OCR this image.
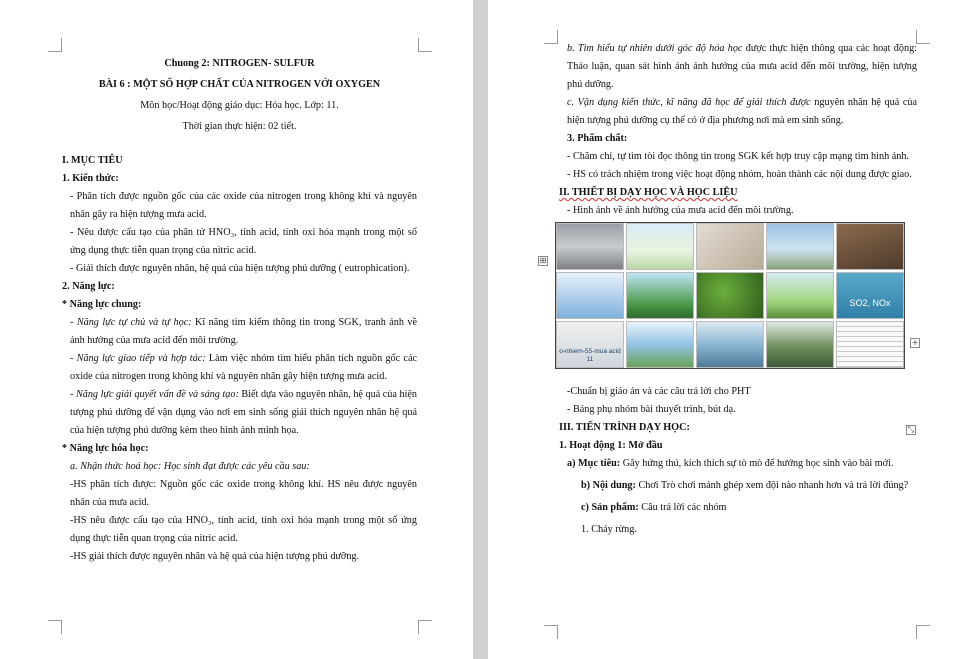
Chuong 2: NITROGEN- SULFUR
BÀI 6 : MỘT SỐ HỢP CHẤT CỦA NITROGEN VỚI OXYGEN
Môn học/Hoạt động giáo dục: Hóa học. Lớp: 11.
Thời gian thực hiện: 02 tiết.
I. MỤC TIÊU
1. Kiến thức:
- Phân tích được nguồn gốc của các oxide của nitrogen trong không khí và nguyên nhân gây ra hiện tượng mưa acid.
- Nêu được cấu tạo của phân tử HNO₃, tính acid, tính oxi hóa mạnh trong một số ứng dụng thực tiễn quan trọng của nitric acid.
- Giải thích được nguyên nhân, hệ quả của hiện tượng phú dưỡng ( eutrophication).
2. Năng lực:
* Năng lực chung:
- Năng lực tự chủ và tự học: Kĩ năng tìm kiếm thông tin trong SGK, tranh ảnh về ảnh hưởng của mưa acid đến môi trường.
- Năng lực giao tiếp và hợp tác: Làm việc nhóm tìm hiểu phân tích nguồn gốc các oxide của nitrogen trong không khí và nguyên nhân gây hiện tượng mưa acid.
- Năng lực giải quyết vấn đề và sáng tạo: Biết dựa vào nguyên nhân, hệ quả của hiện tượng phú dưỡng để vận dụng vào nơi em sinh sống giải thích nguyên nhân hệ quả của hiện tượng phú dưỡng kèm theo hình ảnh minh họa.
* Năng lực hóa học:
a. Nhận thức hoá học: Học sinh đạt được các yêu cầu sau:
-HS phân tích được: Nguồn gốc các oxide trong không khí. HS nêu được nguyên nhân của mưa acid.
-HS nêu được cấu tạo của HNO₃, tính acid, tính oxi hóa mạnh trong một số ứng dụng thực tiễn quan trọng của nitric acid.
-HS giải thích được nguyên nhân và hệ quả của hiện tượng phú dưỡng.
b. Tìm hiểu tự nhiên dưới góc độ hóa học được thực hiện thông qua các hoạt động: Thảo luận, quan sát hình ảnh ảnh hưởng của mưa acid đến môi trường, hiện tượng phú dưỡng.
c. Vận dụng kiến thức, kĩ năng đã học để giải thích được nguyên nhân hệ quả của hiện tượng phú dưỡng cụ thể có ở địa phương nơi mà em sinh sống.
3. Phẩm chất:
- Chăm chỉ, tự tìm tòi đọc thông tin trong SGK kết hợp truy cập mạng tìm hình ảnh.
- HS có trách nhiệm trong việc hoạt động nhóm, hoàn thành các nội dung được giao.
II. THIẾT BỊ DẠY HỌC VÀ HỌC LIỆU
- Hình ảnh về ảnh hưởng của mưa acid đến môi trường.
SO2, NOx
o-nhiem-55-mua acid 11
-Chuẩn bị giáo án và các câu trả lời cho PHT
- Bảng phụ nhóm bài thuyết trình, bút dạ.
III. TIẾN TRÌNH DẠY HỌC:
1. Hoạt động 1: Mở đầu
a) Mục tiêu: Gây hứng thú, kích thích sự tò mò để hướng học sinh vào bài mới.
b) Nội dung: Chơi Trò chơi mảnh ghép xem đội nào nhanh hơn và trả lời đúng?
c) Sản phẩm: Câu trả lời các nhóm
1. Cháy rừng.
⊞
+
⤡
